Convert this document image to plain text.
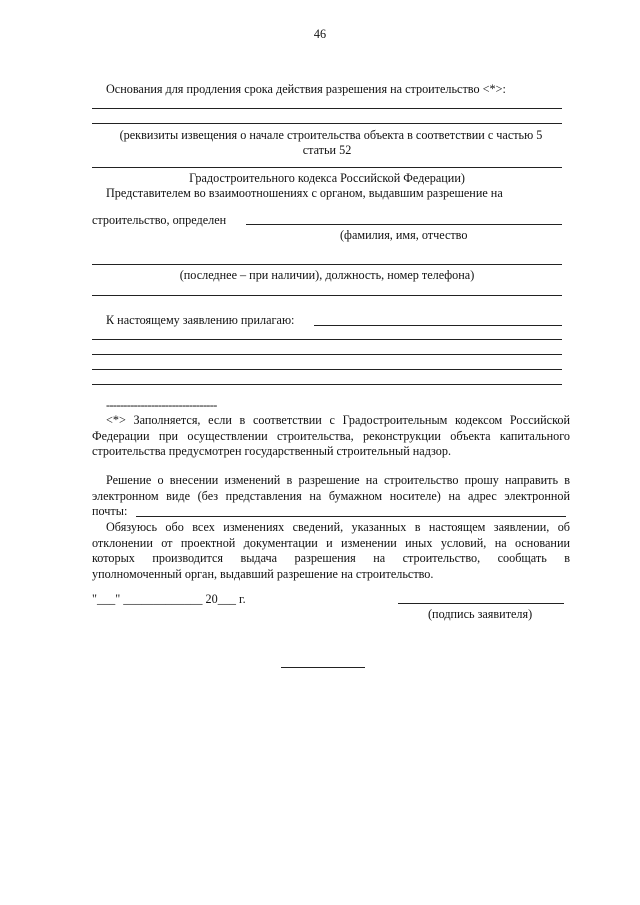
46
Основания для продления срока действия разрешения на строительство <*>:
(реквизиты извещения о начале строительства объекта в соответствии с частью 5
статьи 52
Градостроительного кодекса Российской Федерации)
Представителем во взаимоотношениях с органом, выдавшим разрешение на
строительство, определен
(фамилия, имя, отчество
(последнее – при наличии), должность, номер телефона)
К настоящему заявлению прилагаю:
--------------------------------
<*> Заполняется, если в соответствии с Градостроительным кодексом Российской
Федерации при осуществлении строительства, реконструкции объекта капитального
строительства предусмотрен государственный строительный надзор.
Решение о внесении изменений в разрешение на строительство прошу направить в
электронном виде (без представления на бумажном носителе) на адрес электронной
почты:
Обязуюсь обо всех изменениях сведений, указанных в настоящем заявлении, об
отклонении от проектной документации и изменении иных условий, на основании
которых производится выдача разрешения на строительство, сообщать в
уполномоченный орган, выдавший разрешение на строительство.
"___" _____________ 20___ г.
(подпись заявителя)
